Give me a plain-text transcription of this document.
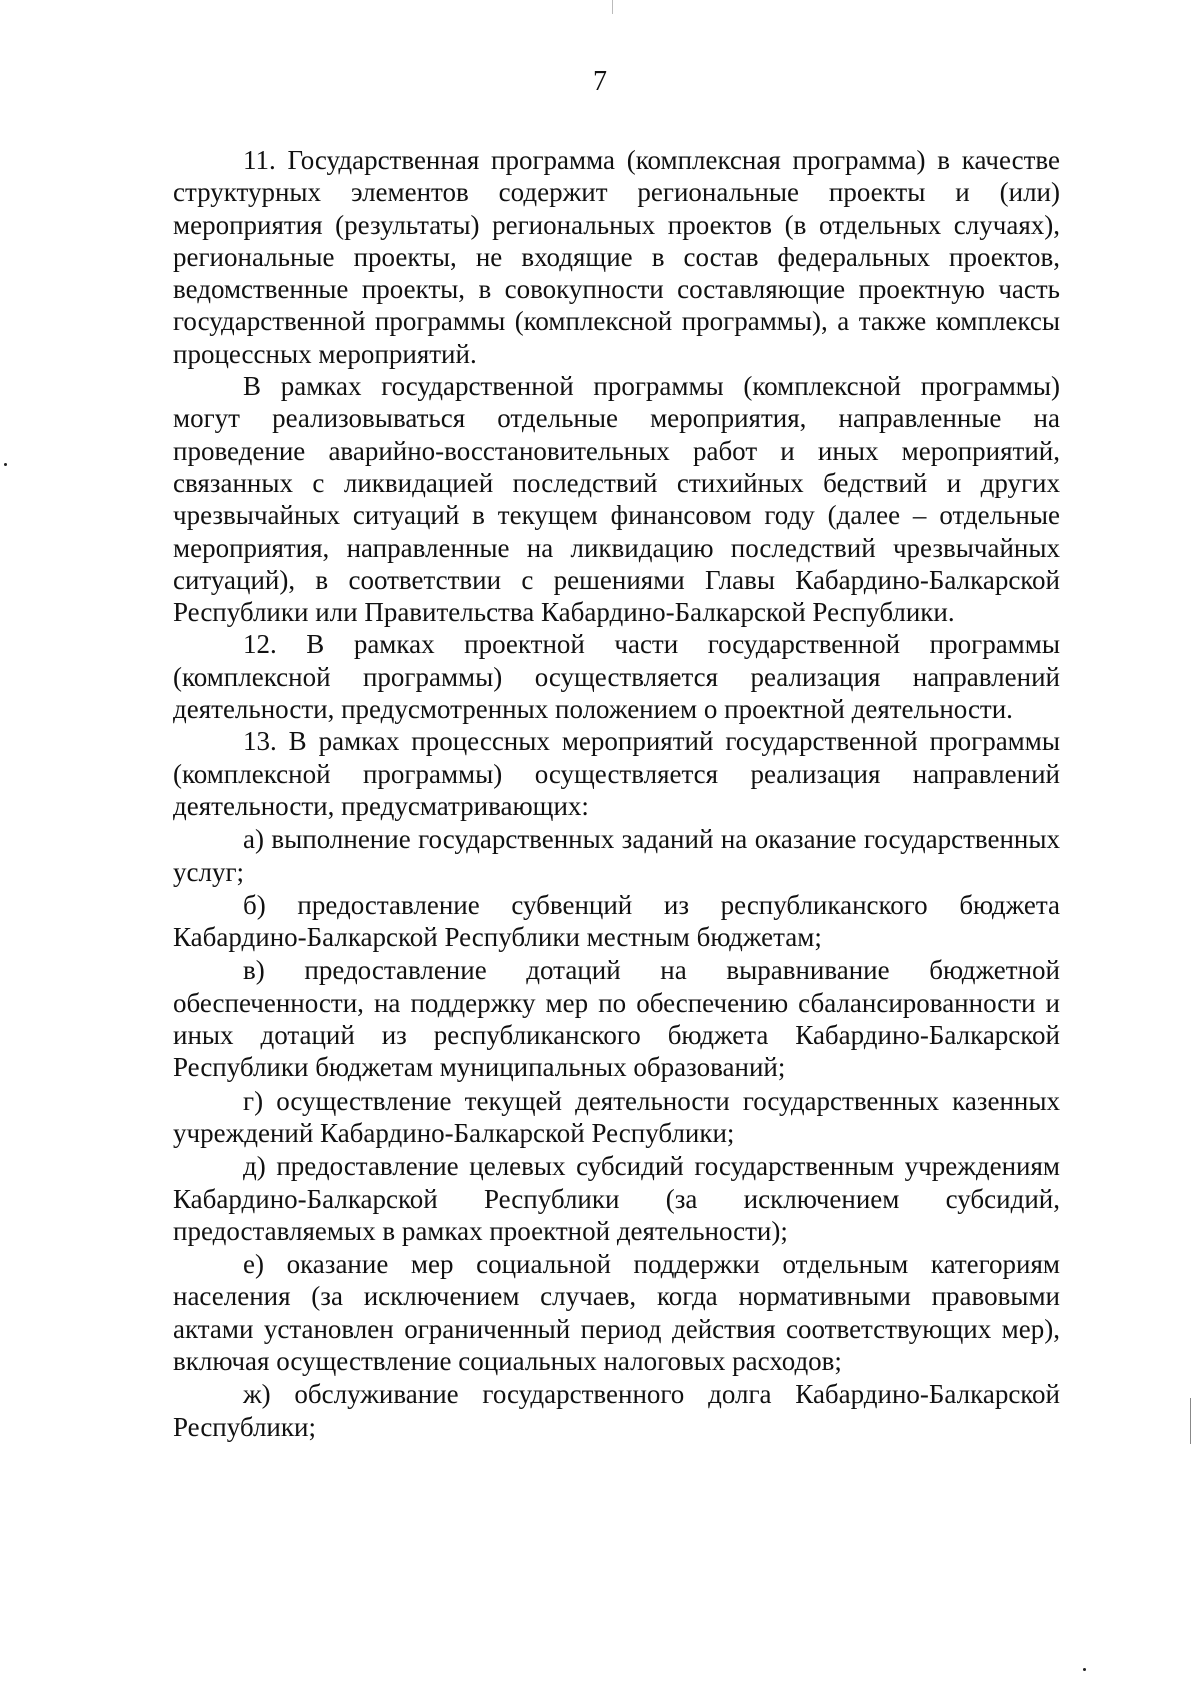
7

11. Государственная программа (комплексная программа) в качестве структурных элементов содержит региональные проекты и (или) мероприятия (результаты) региональных проектов (в отдельных случаях), региональные проекты, не входящие в состав федеральных проектов, ведомственные проекты, в совокупности составляющие проектную часть государственной программы (комплексной программы), а также комплексы процессных мероприятий.

В рамках государственной программы (комплексной программы) могут реализовываться отдельные мероприятия, направленные на проведение аварийно-восстановительных работ и иных мероприятий, связанных с ликвидацией последствий стихийных бедствий и других чрезвычайных ситуаций в текущем финансовом году (далее – отдельные мероприятия, направленные на ликвидацию последствий чрезвычайных ситуаций), в соответствии с решениями Главы Кабардино-Балкарской Республики или Правительства Кабардино-Балкарской Республики.

12. В рамках проектной части государственной программы (комплексной программы) осуществляется реализация направлений деятельности, предусмотренных положением о проектной деятельности.

13. В рамках процессных мероприятий государственной программы (комплексной программы) осуществляется реализация направлений деятельности, предусматривающих:

а) выполнение государственных заданий на оказание государственных услуг;

б) предоставление субвенций из республиканского бюджета Кабардино-Балкарской Республики местным бюджетам;

в) предоставление дотаций на выравнивание бюджетной обеспеченности, на поддержку мер по обеспечению сбалансированности и иных дотаций из республиканского бюджета Кабардино-Балкарской Республики бюджетам муниципальных образований;

г) осуществление текущей деятельности государственных казенных учреждений Кабардино-Балкарской Республики;

д) предоставление целевых субсидий государственным учреждениям Кабардино-Балкарской Республики (за исключением субсидий, предоставляемых в рамках проектной деятельности);

е) оказание мер социальной поддержки отдельным категориям населения (за исключением случаев, когда нормативными правовыми актами установлен ограниченный период действия соответствующих мер), включая осуществление социальных налоговых расходов;

ж) обслуживание государственного долга Кабардино-Балкарской Республики;
